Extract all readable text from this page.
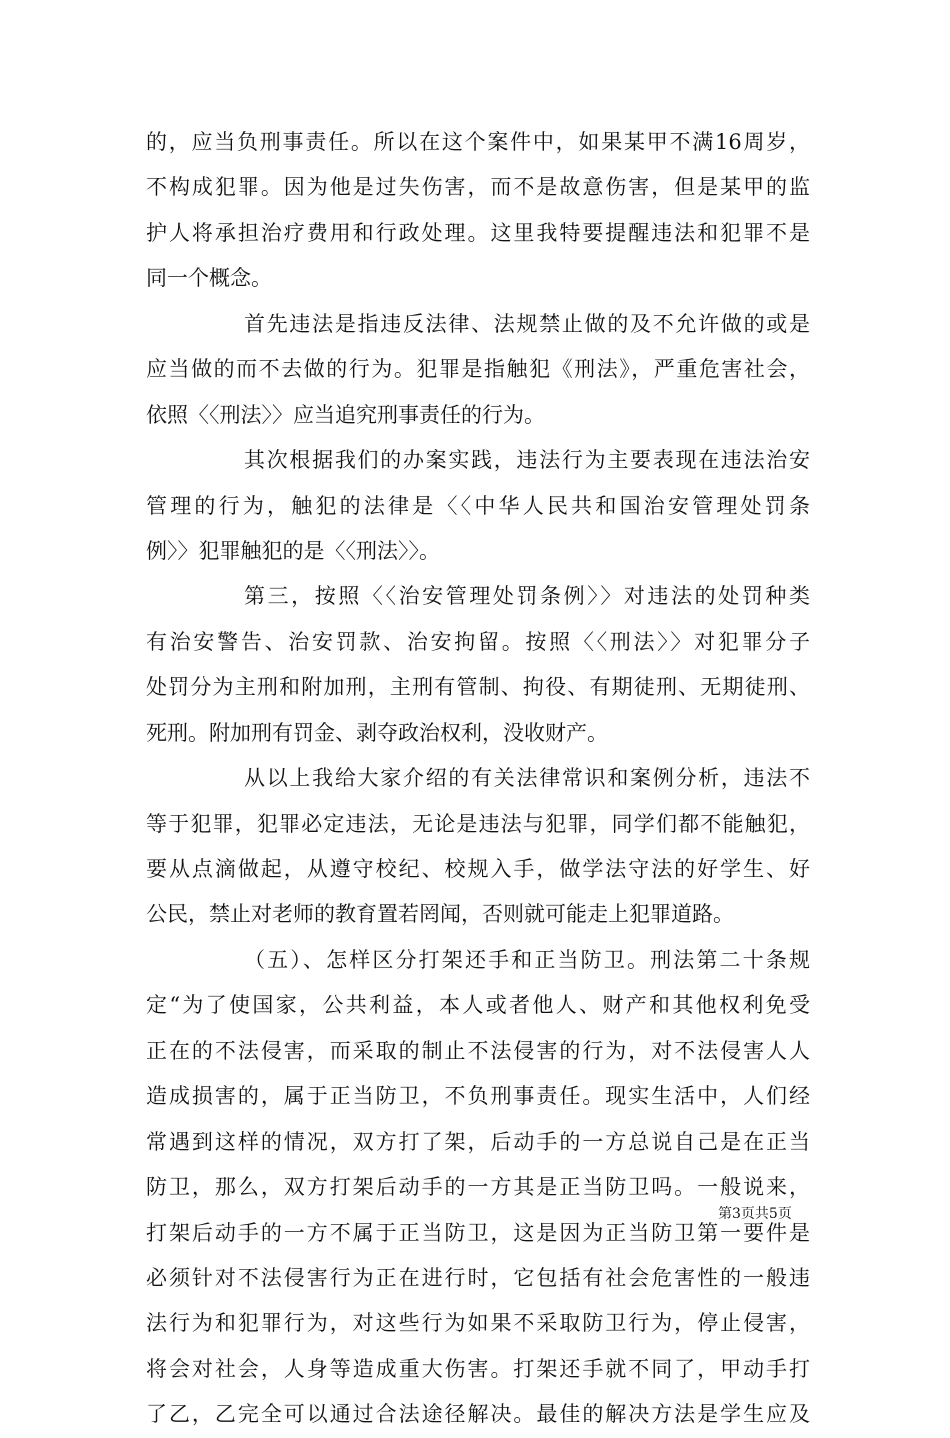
的，应当负刑事责任。所以在这个案件中，如果某甲不满16周岁，
不构成犯罪。因为他是过失伤害，而不是故意伤害，但是某甲的监
护人将承担治疗费用和行政处理。这里我特要提醒违法和犯罪不是
同一个概念。
首先违法是指违反法律、法规禁止做的及不允许做的或是
应当做的而不去做的行为。犯罪是指触犯《刑法》，严重危害社会，
依照〈〈刑法〉〉应当追究刑事责任的行为。
其次根据我们的办案实践，违法行为主要表现在违法治安
管理的行为，触犯的法律是〈〈中华人民共和国治安管理处罚条
例〉〉犯罪触犯的是〈〈刑法〉〉。
第三，按照〈〈治安管理处罚条例〉〉对违法的处罚种类
有治安警告、治安罚款、治安拘留。按照〈〈刑法〉〉对犯罪分子
处罚分为主刑和附加刑，主刑有管制、拘役、有期徒刑、无期徒刑、
死刑。附加刑有罚金、剥夺政治权利，没收财产。
从以上我给大家介绍的有关法律常识和案例分析，违法不
等于犯罪，犯罪必定违法，无论是违法与犯罪，同学们都不能触犯，
要从点滴做起，从遵守校纪、校规入手，做学法守法的好学生、好
公民，禁止对老师的教育置若罔闻，否则就可能走上犯罪道路。
（五）、怎样区分打架还手和正当防卫。刑法第二十条规
定“为了使国家，公共利益，本人或者他人、财产和其他权利免受
正在的不法侵害，而采取的制止不法侵害的行为，对不法侵害人人
造成损害的，属于正当防卫，不负刑事责任。现实生活中，人们经
常遇到这样的情况，双方打了架，后动手的一方总说自己是在正当
防卫，那么，双方打架后动手的一方其是正当防卫吗。一般说来，
打架后动手的一方不属于正当防卫，这是因为正当防卫第一要件是
必须针对不法侵害行为正在进行时，它包括有社会危害性的一般违
法行为和犯罪行为，对这些行为如果不采取防卫行为，停止侵害，
将会对社会，人身等造成重大伤害。打架还手就不同了，甲动手打
了乙，乙完全可以通过合法途径解决。最佳的解决方法是学生应及
第3页共5页
